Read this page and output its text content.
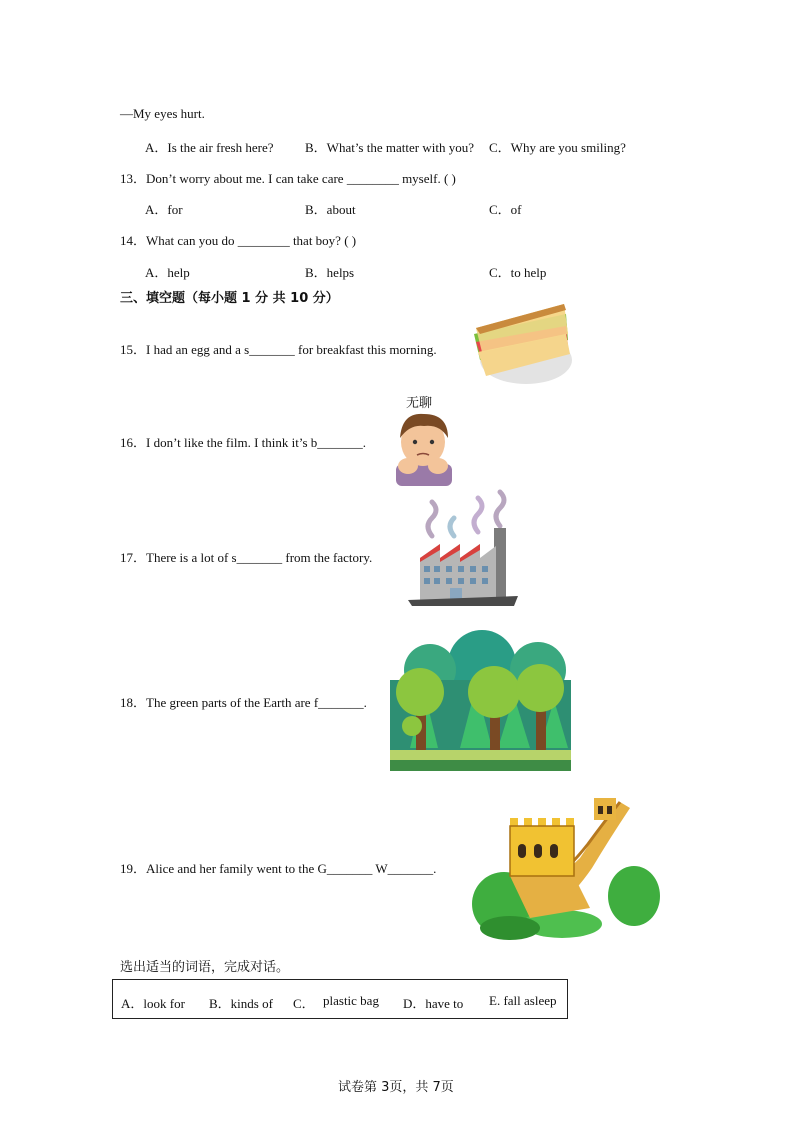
—My eyes hurt.
A．Is the air fresh here? B．What’s the matter with you? C．Why are you smiling?
13．Don’t worry about me. I can take care ________ myself. ( )
A．for	B．about	C．of
14．What can you do ________ that boy? ( )
A．help	B．helps	C．to help
三、填空题（每小题 1 分 共 10 分）
15．I had an egg and a s_______ for breakfast this morning.
16．I don’t like the film. I think it’s b_______.
无聊
17．There is a lot of s_______ from the factory.
18．The green parts of the Earth are f_______.
19．Alice and her family went to the G_______ W_______.
选出适当的词语，完成对话。
A．look for B．kinds of C． plastic bag D．have to E. fall asleep
试卷第 3页，共 7页
